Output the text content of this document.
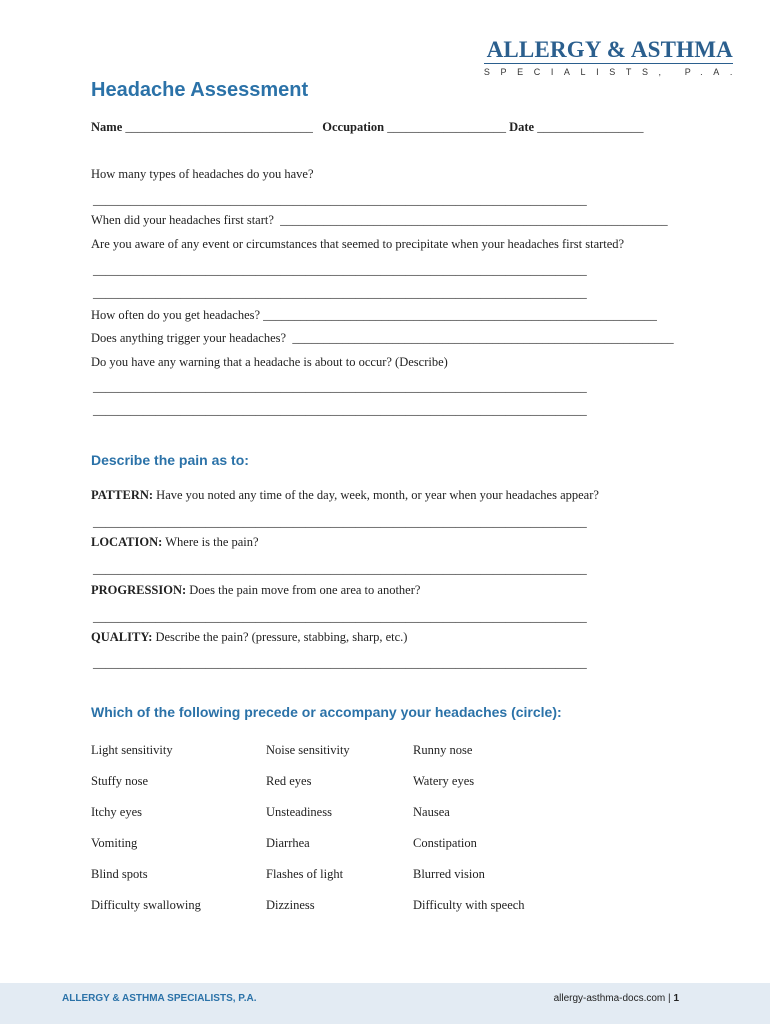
ALLERGY & ASTHMA
SPECIALISTS, P.A.
Headache Assessment
Name ______________________________ Occupation ___________________ Date _________________
How many types of headaches do you have?
_______________________________________________________________________________
When did your headaches first start? ______________________________________________________________
Are you aware of any event or circumstances that seemed to precipitate when your headaches first started?
_______________________________________________________________________________
_______________________________________________________________________________
How often do you get headaches? _______________________________________________________________
Does anything trigger your headaches? _____________________________________________________________
Do you have any warning that a headache is about to occur? (Describe)
_______________________________________________________________________________
_______________________________________________________________________________
Describe the pain as to:
PATTERN: Have you noted any time of the day, week, month, or year when your headaches appear?
_______________________________________________________________________________
LOCATION: Where is the pain?
_______________________________________________________________________________
PROGRESSION: Does the pain move from one area to another?
_______________________________________________________________________________
QUALITY: Describe the pain? (pressure, stabbing, sharp, etc.)
_______________________________________________________________________________
Which of the following precede or accompany your headaches (circle):
Light sensitivity	Noise sensitivity	Runny nose
Stuffy nose	Red eyes	Watery eyes
Itchy eyes	Unsteadiness	Nausea
Vomiting	Diarrhea	Constipation
Blind spots	Flashes of light	Blurred vision
Difficulty swallowing	Dizziness	Difficulty with speech
ALLERGY & ASTHMA SPECIALISTS, P.A.	allergy-asthma-docs.com | 1
